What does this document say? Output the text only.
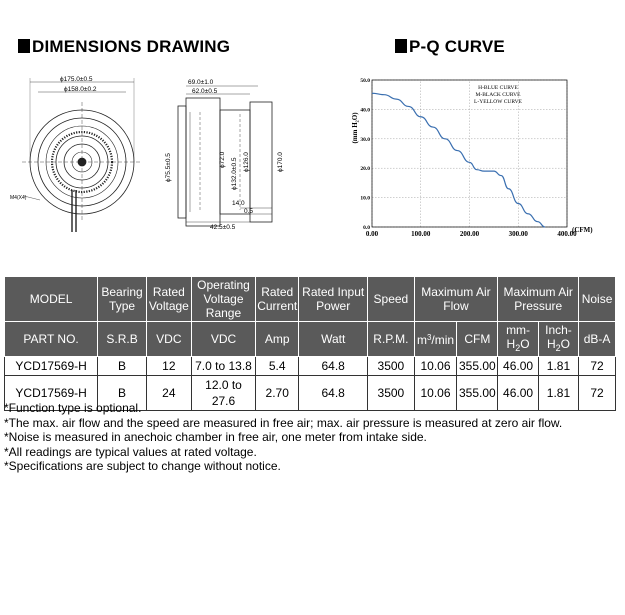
DIMENSIONS DRAWING	P-Q CURVE
ϕ175.0±0.5
ϕ158.0±0.2
M4(X4)
69.0±1.0
62.0±0.5
ϕ75.5±0.5	ϕ72.0 ϕ132.0±0.5 ϕ126.0	ϕ170.0
14.0
0.5
42.5±0.5	0.0
10.0
20.0
30.0
40.0
50.0
0.00	100.00	200.00	300.00	400.00
H-BLUE CURVE
M-BLACK CURVE
L-YELLOW CURVE
(mm H₂O)
(CFM)
MODEL	Bearing Type	Rated Voltage	Operating Voltage Range	Rated Current	Rated Input Power	Speed	Maximum Air Flow		Maximum Air Pressure		Noise
PART NO.	S.R.B	VDC	VDC	Amp	Watt	R.P.M.	$m^3/\min$	CFM	$mm-H_2O$	Inch-$H_2O$	dB-A
YCD17569-H	B	12	7.0 to 13.8	5.4	64.8	3500	10.06	355.00	46.00	1.81	72
YCD17569-H	B	24	12.0 to 27.6	2.70	64.8	3500	10.06	355.00	46.00	1.81	72
*Function type is optional.
*The max. air flow and the speed are measured in free air; max. air pressure is measured at zero air flow.
*Noise is measured in anechoic chamber in free air, one meter from intake side.
*All readings are typical values at rated voltage.
*Specifications are subject to change without notice.
